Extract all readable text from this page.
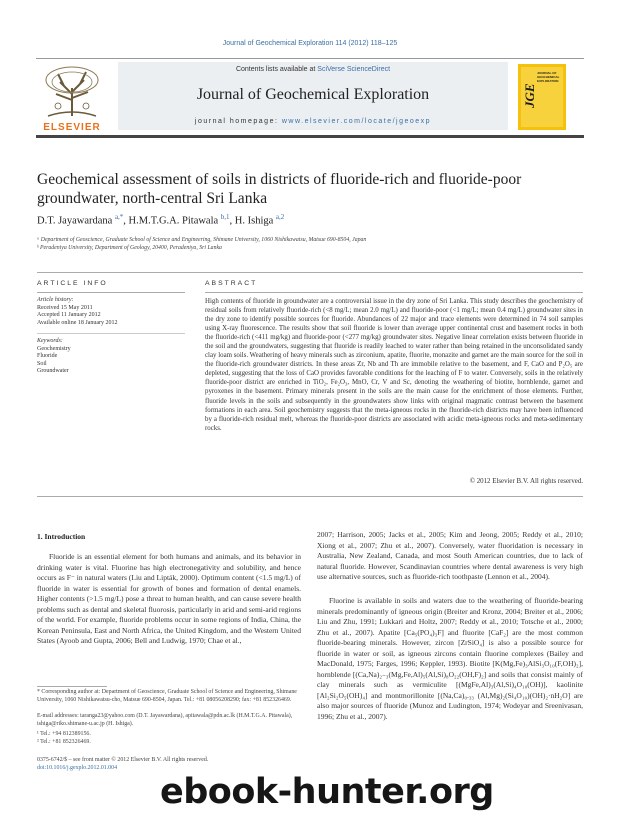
Journal of Geochemical Exploration 114 (2012) 118–125
ELSEVIER
Contents lists available at SciVerse ScienceDirect
Journal of Geochemical Exploration
journal homepage: www.elsevier.com/locate/jgeoexp
JGE
JOURNAL OF GEOCHEMICAL EXPLORATION
Geochemical assessment of soils in districts of fluoride-rich and fluoride-poor groundwater, north-central Sri Lanka
D.T. Jayawardana $^{a,*}$, H.M.T.G.A. Pitawala $^{b,1}$, H. Ishiga $^{a,2}$
ᵃ Department of Geoscience, Graduate School of Science and Engineering, Shimane University, 1060 Nishikawatsu, Matsue 690-8504, Japan
ᵇ Peradeniya University, Department of Geology, 20400, Peradeniya, Sri Lanka
ARTICLE INFO
Article history:
Received 15 May 2011
Accepted 11 January 2012
Available online 18 January 2012
Keywords:
Geochemistry
Fluoride
Soil
Groundwater
ABSTRACT
High contents of fluoride in groundwater are a controversial issue in the dry zone of Sri Lanka. This study describes the geochemistry of residual soils from relatively fluoride-rich (<8 mg/L; mean 2.0 mg/L) and fluoride-poor (<1 mg/L; mean 0.4 mg/L) groundwater sites in the dry zone to identify possible sources for fluoride. Abundances of 22 major and trace elements were determined in 74 soil samples using X-ray fluorescence. The results show that soil fluoride is lower than average upper continental crust and basement rocks in both the fluoride-rich (<411 mg/kg) and fluoride-poor (<277 mg/kg) groundwater sites. Negative linear correlation exists between fluoride in the soil and the groundwaters, suggesting that fluoride is readily leached to water rather than being retained in the unconsolidated sandy clay loam soils. Weathering of heavy minerals such as zirconium, apatite, fluorite, monazite and garnet are the main source for the soil in the fluoride-rich groundwater districts. In these areas Zr, Nb and Th are immobile relative to the basement, and F, CaO and P₂O₅ are depleted, suggesting that the loss of CaO provides favorable conditions for the leaching of F to water. Conversely, soils in the relatively fluoride-poor district are enriched in TiO₂, Fe₂O₃, MnO, Cr, V and Sc, denoting the weathering of biotite, hornblende, garnet and pyroxenes in the basement. Primary minerals present in the soils are the main cause for the enrichment of those elements. Further, fluoride levels in the soils and subsequently in the groundwaters show links with original magmatic contrast between the basement formations in each area. Soil geochemistry suggests that the meta-igneous rocks in the fluoride-rich districts may have been influenced by a fluoride-rich residual melt, whereas the fluoride-poor districts are associated with acidic meta-igneous rocks and meta-sedimentary rocks.
© 2012 Elsevier B.V. All rights reserved.
1. Introduction
Fluoride is an essential element for both humans and animals, and its behavior in drinking water is vital. Fluorine has high electronegativity and solubility, and hence occurs as F⁻ in natural waters (Liu and Lipták, 2000). Optimum content (<1.5 mg/L) of fluoride in water is essential for growth of bones and formation of dental enamels. Higher contents (>1.5 mg/L) pose a threat to human health, and can cause severe health problems such as dental and skeletal fluorosis, particularly in arid and semi-arid regions of the world. For example, fluoride problems occur in some regions of India, China, the Korean Peninsula, East and North Africa, the United Kingdom, and the Western United States (Ayoob and Gupta, 2006; Bell and Ludwig, 1970; Chae et al.,
2007; Harrison, 2005; Jacks et al., 2005; Kim and Jeong, 2005; Reddy et al., 2010; Xiong et al., 2007; Zhu et al., 2007). Conversely, water fluoridation is necessary in Australia, New Zealand, Canada, and most South American countries, due to lack of natural fluoride. However, Scandinavian countries where dental awareness is very high use alternative sources, such as fluoride-rich toothpaste (Lennon et al., 2004).
Fluorine is available in soils and waters due to the weathering of fluoride-bearing minerals predominantly of igneous origin (Breiter and Kronz, 2004; Breiter et al., 2006; Liu and Zhu, 1991; Lukkari and Holtz, 2007; Reddy et al., 2010; Totsche et al., 2000; Zhu et al., 2007). Apatite [Ca₅(PO₄)₃F] and fluorite [CaF₂] are the most common fluoride-bearing minerals. However, zircon [ZrSiO₄] is also a possible source for fluoride in water or soil, as igneous zircons contain fluorine complexes (Bailey and MacDonald, 1975; Farges, 1996; Keppler, 1993). Biotite [K(Mg,Fe)₃AlSi₃O₁₀(F,OH)₂], hornblende [(Ca,Na)₂₋₃(Mg,Fe,Al)₅(Al,Si)₈O₂₂(OH,F)₂] and soils that consist mainly of clay minerals such as vermiculite [(MgFe,Al)₃(Al,Si)₄O₁₀(OH)], kaolinite [Al₂Si₂O₅(OH)₄] and montmorillonite [(Na,Ca)₀.₃₃ (Al,Mg)₂(Si₄O₁₀)(OH)₂·nH₂O] are also major sources of fluoride (Munoz and Ludington, 1974; Wodeyar and Sreenivasan, 1996; Zhu et al., 2007).
* Corresponding author at: Department of Geoscience, Graduate School of Science and Engineering, Shimane University, 1060 Nishikawatsu-cho, Matsue 690-8504, Japan. Tel.: +81 08056208290; fax: +81 852326469.
E-mail addresses: taranga23@yahoo.com (D.T. Jayawardana), apitawala@pdn.ac.lk (H.M.T.G.A. Pitawala), ishiga@riko.shimane-u.ac.jp (H. Ishiga).
¹ Tel.: +94 812389156.
² Tel.: +81 852326469.
0375-6742/$ – see front matter © 2012 Elsevier B.V. All rights reserved.
doi:10.1016/j.gexplo.2012.01.004
ebook-hunter.org
